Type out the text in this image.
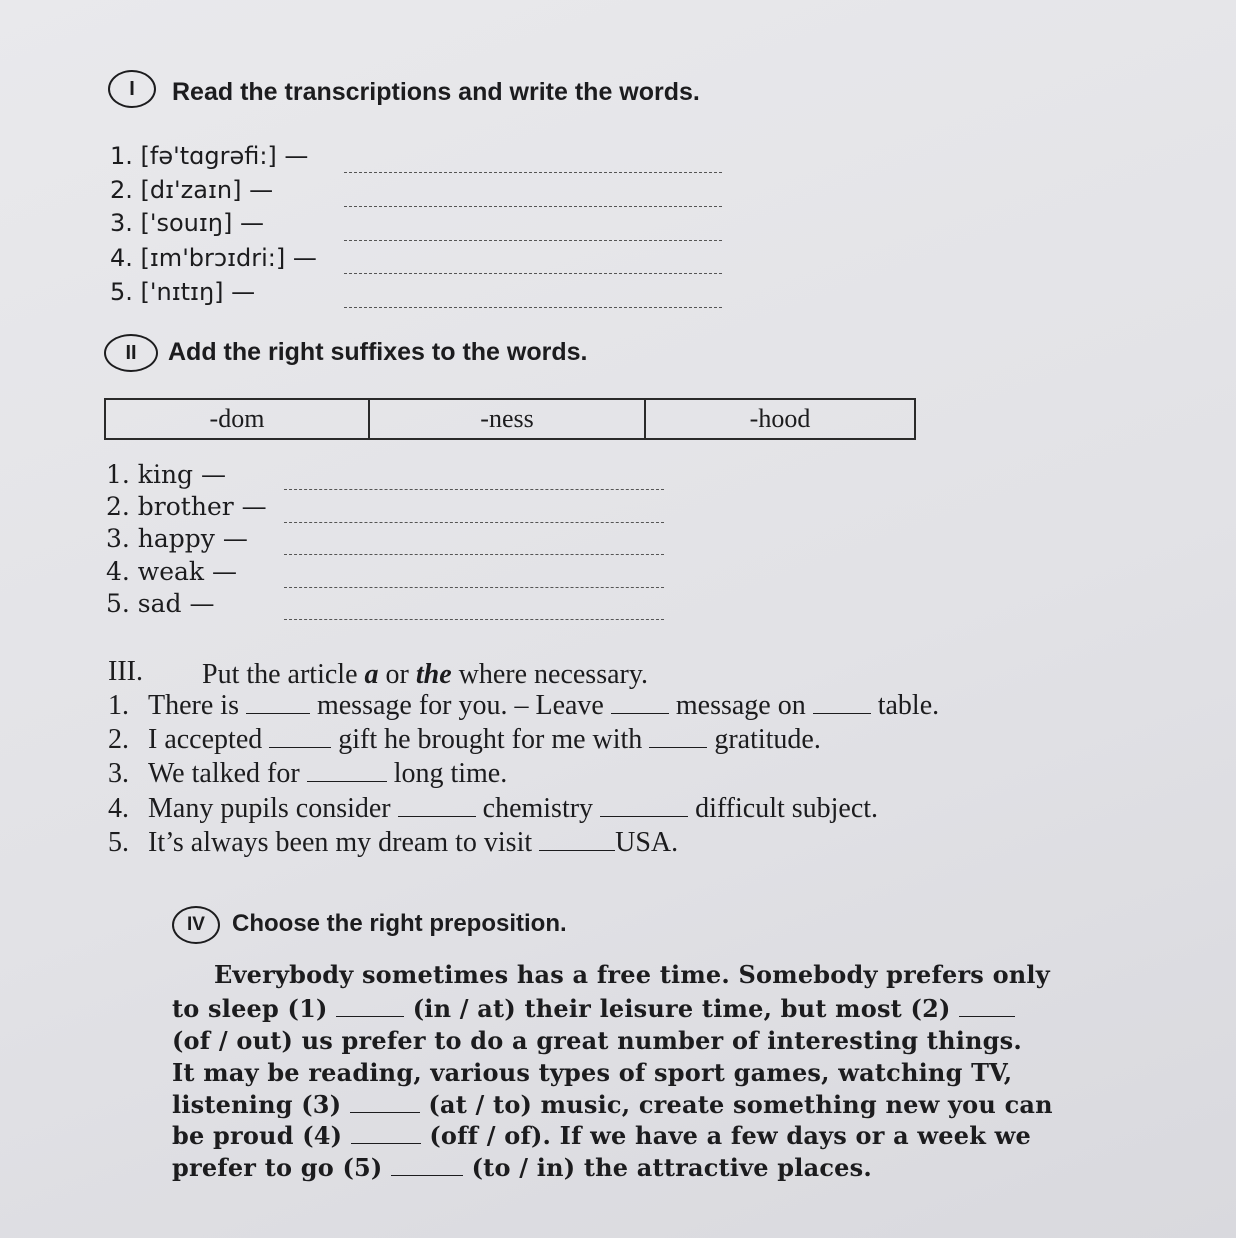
I	Read the transcriptions and write the words.
1. [fə'tɑgrəfi:] —
2. [dɪ'zaɪn] —
3. ['souɪŋ] —
4. [ɪm'brɔɪdri:] —
5. ['nɪtɪŋ] —
II	Add the right suffixes to the words.
-dom	-ness	-hood
1. king —
2. brother —
3. happy —
4. weak —
5. sad —
III. Put the article a or the where necessary.
1. There is	message for you. – Leave	message on	table.
2. I accepted	gift he brought for me with	gratitude.
3. We talked for	long time.
4. Many pupils consider	chemistry	difficult subject.
5. It’s always been my dream to visit	USA.
IV	Choose the right preposition.
Everybody sometimes has a free time. Somebody prefers only
to sleep (1)	(in / at) their leisure time, but most (2)
(of / out) us prefer to do a great number of interesting things.
It may be reading, various types of sport games, watching TV,
listening (3)	(at / to) music, create something new you can
be proud (4)	(off / of). If we have a few days or a week we
prefer to go (5)	(to / in) the attractive places.
